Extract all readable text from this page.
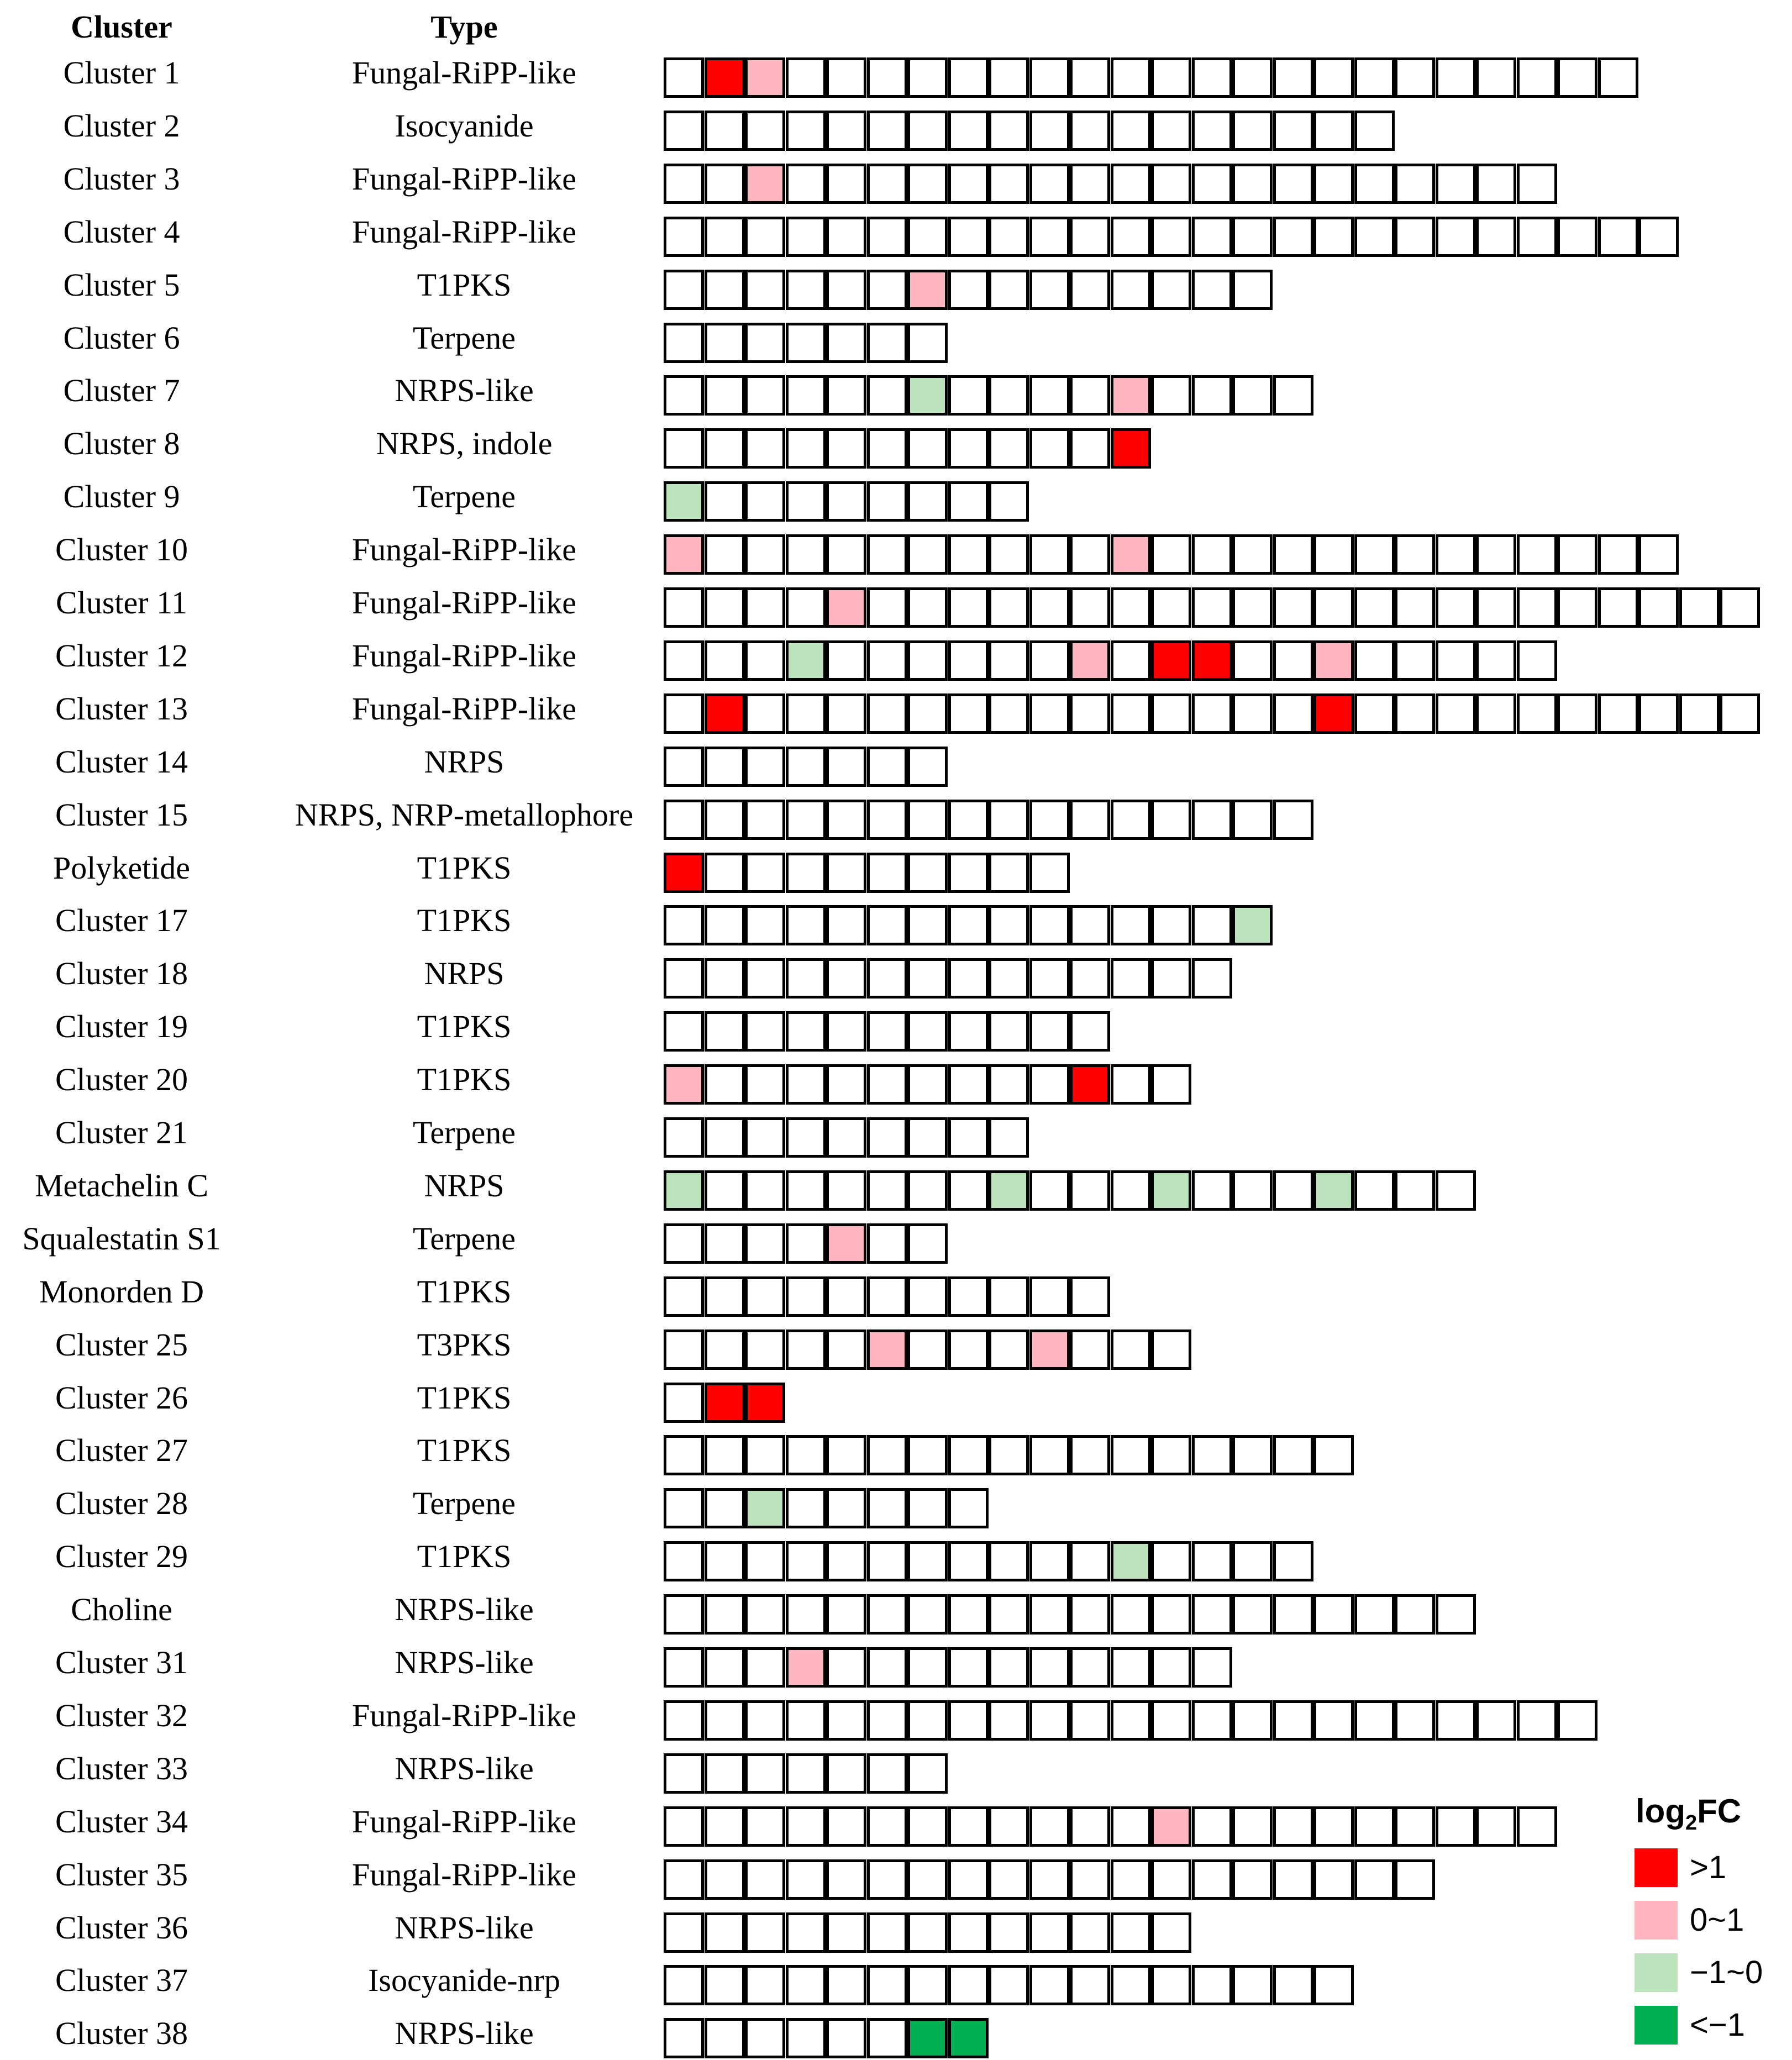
Cluster	Type
Cluster 1	Fungal-RiPP-like
Cluster 2	Isocyanide
Cluster 3	Fungal-RiPP-like
Cluster 4	Fungal-RiPP-like
Cluster 5	T1PKS
Cluster 6	Terpene
Cluster 7	NRPS-like
Cluster 8	NRPS, indole
Cluster 9	Terpene
Cluster 10	Fungal-RiPP-like
Cluster 11	Fungal-RiPP-like
Cluster 12	Fungal-RiPP-like
Cluster 13	Fungal-RiPP-like
Cluster 14	NRPS
Cluster 15	NRPS, NRP-metallophore
Polyketide	T1PKS
Cluster 17	T1PKS
Cluster 18	NRPS
Cluster 19	T1PKS
Cluster 20	T1PKS
Cluster 21	Terpene
Metachelin C	NRPS
Squalestatin S1	Terpene
Monorden D	T1PKS
Cluster 25	T3PKS
Cluster 26	T1PKS
Cluster 27	T1PKS
Cluster 28	Terpene
Cluster 29	T1PKS
Choline	NRPS-like
Cluster 31	NRPS-like
Cluster 32	Fungal-RiPP-like
Cluster 33	NRPS-like
Cluster 34	Fungal-RiPP-like
Cluster 35	Fungal-RiPP-like
Cluster 36	NRPS-like
Cluster 37	Isocyanide-nrp
Cluster 38	NRPS-like
$\log_2FC$
>1
0~1
−1~0
<−1
